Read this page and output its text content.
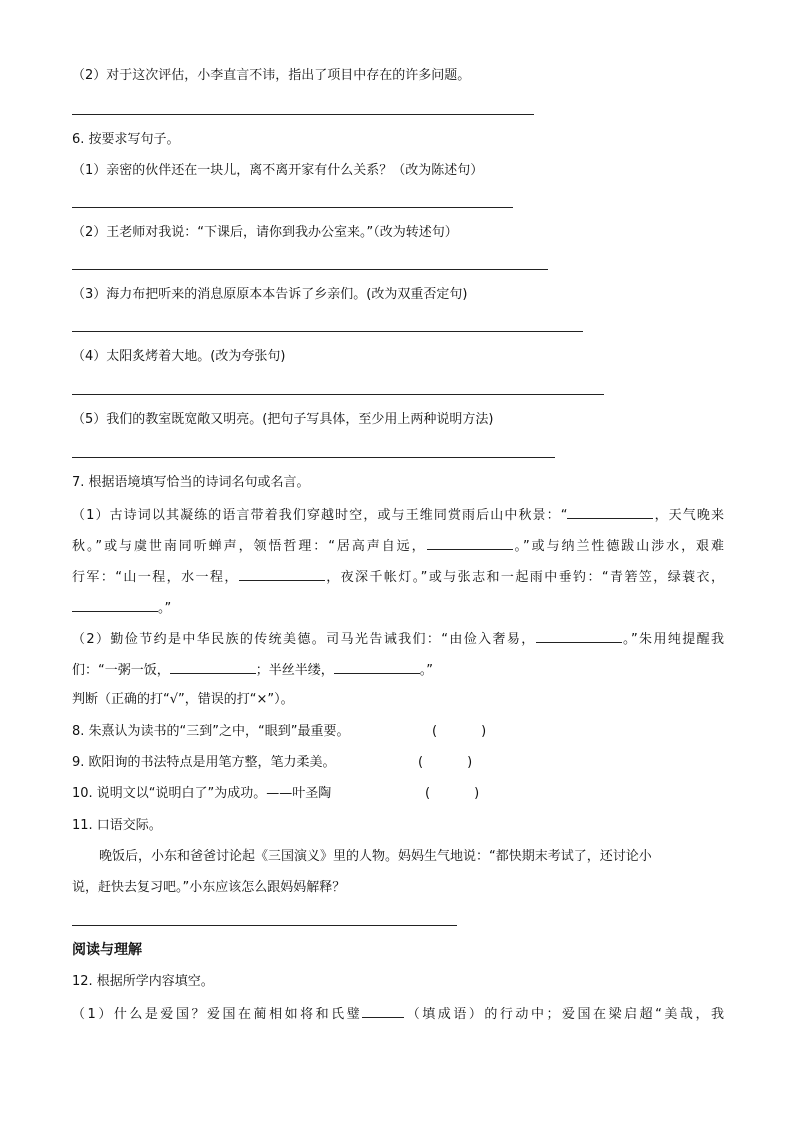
（2）对于这次评估，小李直言不讳，指出了项目中存在的许多问题。
6. 按要求写句子。
（1）亲密的伙伴还在一块儿，离不离开家有什么关系？（改为陈述句）
（2）王老师对我说：“下课后，请你到我办公室来。”（改为转述句）
（3）海力布把听来的消息原原本本告诉了乡亲们。(改为双重否定句)
（4）太阳炙烤着大地。(改为夸张句)
（5）我们的教室既宽敞又明亮。(把句子写具体，至少用上两种说明方法)
7. 根据语境填写恰当的诗词名句或名言。
（1）古诗词以其凝练的语言带着我们穿越时空，或与王维同赏雨后山中秋景：“	，天气晚来
秋。”或与虞世南同听蝉声，领悟哲理：“居高声自远，	。”或与纳兰性德跋山涉水，艰难
行军：“山一程，水一程，	，夜深千帐灯。”或与张志和一起雨中垂钓：“青箬笠，绿蓑衣，
。”
（2）勤俭节约是中华民族的传统美德。司马光告诫我们：“由俭入奢易，	。”朱用纯提醒我
们：“一粥一饭，	；半丝半缕，	。”
判断（正确的打“√”，错误的打“×”）。
8. 朱熹认为读书的“三到”之中，“眼到”最重要。	(	)
9. 欧阳询的书法特点是用笔方整，笔力柔美。	(	)
10. 说明文以“说明白了”为成功。——叶圣陶	(	)
11. 口语交际。
晚饭后，小东和爸爸讨论起《三国演义》里的人物。妈妈生气地说：“都快期末考试了，还讨论小
说，赶快去复习吧。”小东应该怎么跟妈妈解释？
阅读与理解
12. 根据所学内容填空。
（1）什么是爱国？爱国在蔺相如将和氏璧	（填成语）的行动中；爱国在梁启超“美哉，我
